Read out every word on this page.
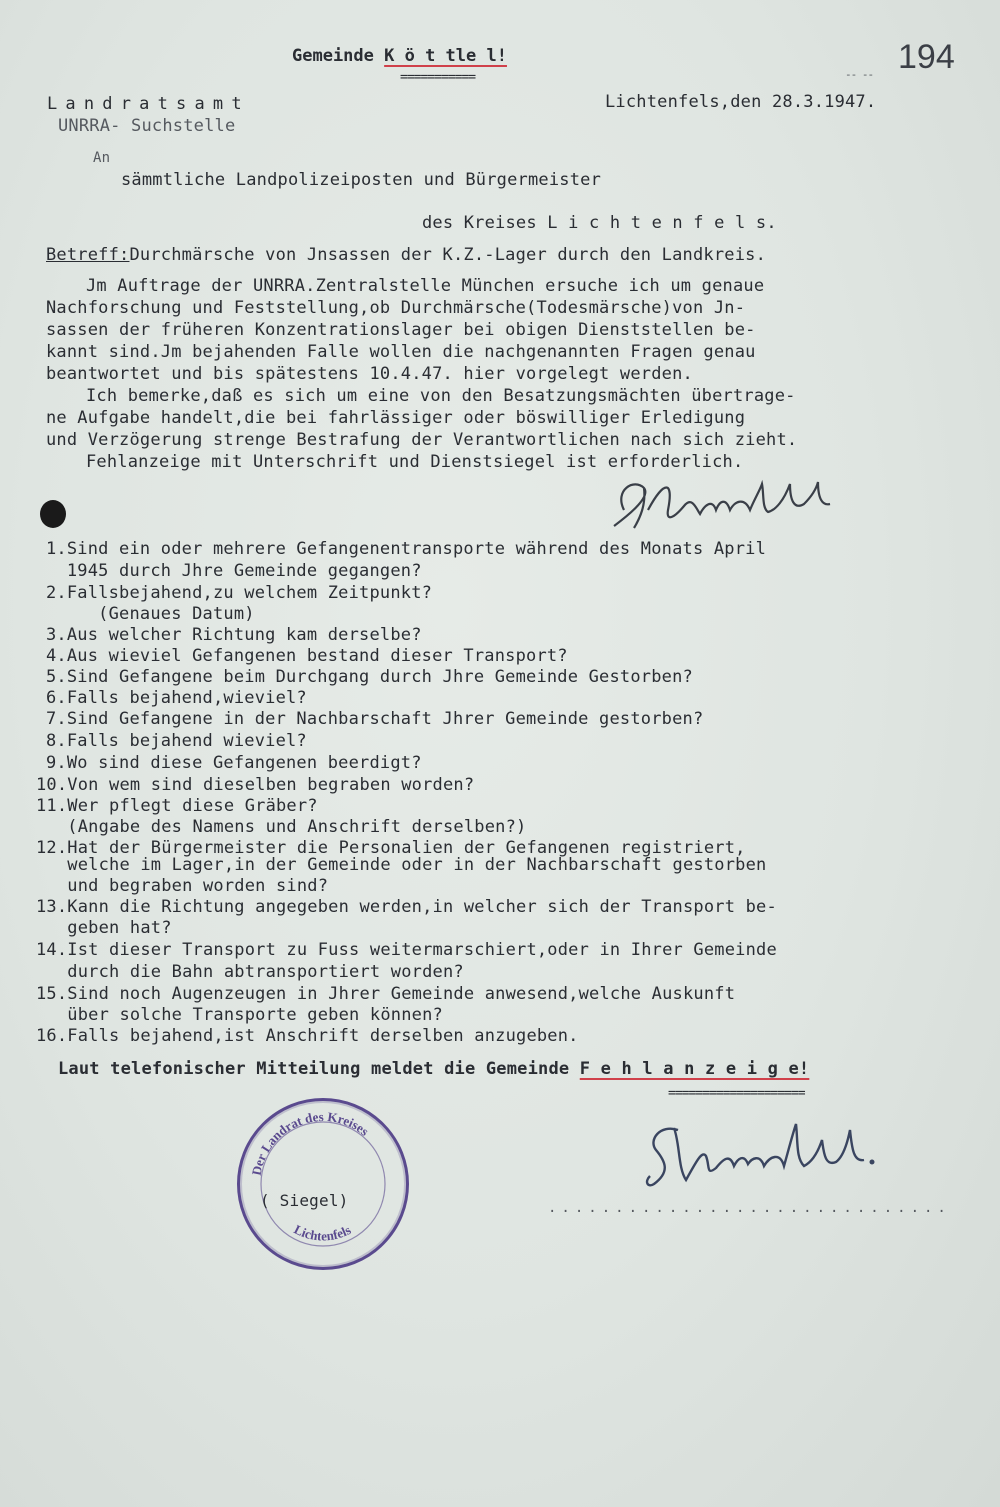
Gemeinde K ö t tle l!
===========
194
-- --
Landratsamt
UNRRA- Suchstelle
Lichtenfels,den 28.3.1947.
An
sämmtliche Landpolizeiposten und Bürgermeister
des Kreises L i c h t e n f e l s.
Betreff:Durchmärsche von Jnsassen der K.Z.-Lager durch den Landkreis.
Jm Auftrage der UNRRA.Zentralstelle München ersuche ich um genaue
Nachforschung und Feststellung,ob Durchmärsche(Todesmärsche)von Jn-
sassen der früheren Konzentrationslager bei obigen Dienststellen be-
kannt sind.Jm bejahenden Falle wollen die nachgenannten Fragen genau
beantwortet und bis spätestens 10.4.47. hier vorgelegt werden.
Ich bemerke,daß es sich um eine von den Besatzungsmächten übertrage-
ne Aufgabe handelt,die bei fahrlässiger oder böswilliger Erledigung
und Verzögerung strenge Bestrafung der Verantwortlichen nach sich zieht.
Fehlanzeige mit Unterschrift und Dienstsiegel ist erforderlich.
1.Sind ein oder mehrere Gefangenentransporte während des Monats April
1945 durch Jhre Gemeinde gegangen?
2.Fallsbejahend,zu welchem Zeitpunkt?
(Genaues Datum)
3.Aus welcher Richtung kam derselbe?
4.Aus wieviel Gefangenen bestand dieser Transport?
5.Sind Gefangene beim Durchgang durch Jhre Gemeinde Gestorben?
6.Falls bejahend,wieviel?
7.Sind Gefangene in der Nachbarschaft Jhrer Gemeinde gestorben?
8.Falls bejahend wieviel?
9.Wo sind diese Gefangenen beerdigt?
10.Von wem sind dieselben begraben worden?
11.Wer pflegt diese Gräber?
(Angabe des Namens und Anschrift derselben?)
12.Hat der Bürgermeister die Personalien der Gefangenen registriert,
welche im Lager,in der Gemeinde oder in der Nachbarschaft gestorben
und begraben worden sind?
13.Kann die Richtung angegeben werden,in welcher sich der Transport be-
geben hat?
14.Ist dieser Transport zu Fuss weitermarschiert,oder in Ihrer Gemeinde
durch die Bahn abtransportiert worden?
15.Sind noch Augenzeugen in Jhrer Gemeinde anwesend,welche Auskunft
über solche Transporte geben können?
16.Falls bejahend,ist Anschrift derselben anzugeben.
Laut telefonischer Mitteilung meldet die Gemeinde F e h l a n z e i g e!
====================
Der Landrat des Kreises
Lichtenfels
( Siegel)	..............................
